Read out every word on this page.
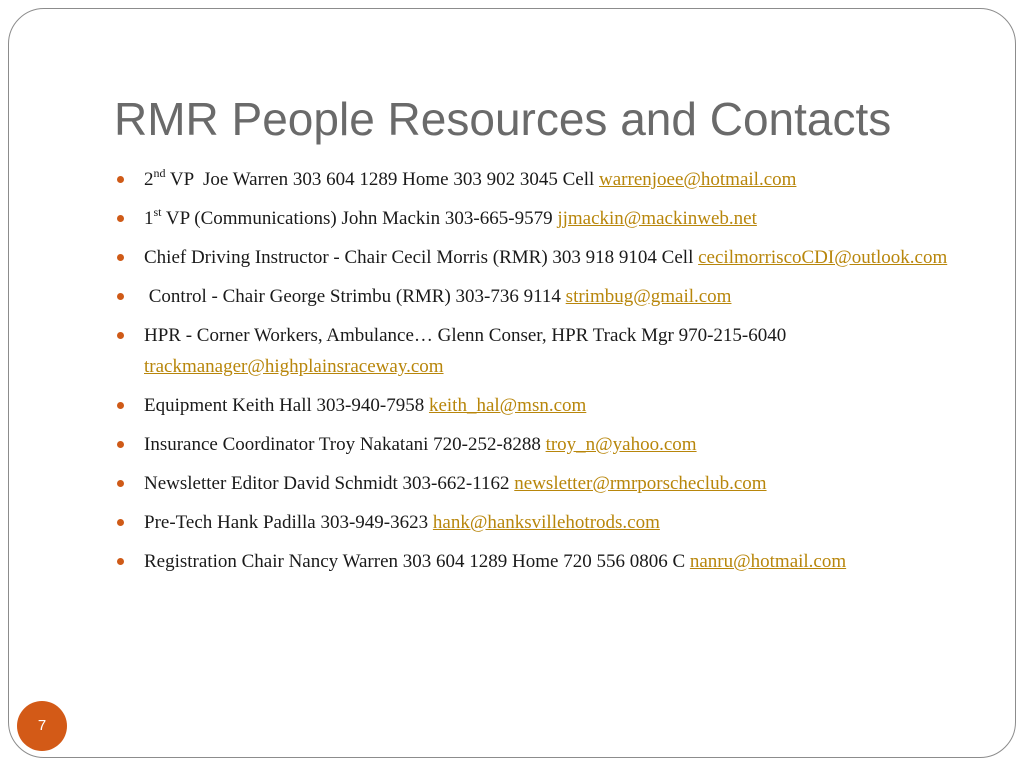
RMR People Resources and Contacts
2nd VP  Joe Warren 303 604 1289 Home 303 902 3045 Cell warrenjoee@hotmail.com
1st VP (Communications) John Mackin 303-665-9579 jjmackin@mackinweb.net
Chief Driving Instructor - Chair Cecil Morris (RMR) 303 918 9104 Cell cecilmorriscoCDI@outlook.com
Control - Chair George Strimbu (RMR) 303-736 9114 strimbug@gmail.com
HPR - Corner Workers, Ambulance… Glenn Conser, HPR Track Mgr 970-215-6040 trackmanager@highplainsraceway.com
Equipment Keith Hall 303-940-7958 keith_hal@msn.com
Insurance Coordinator Troy Nakatani 720-252-8288 troy_n@yahoo.com
Newsletter Editor David Schmidt 303-662-1162 newsletter@rmrporscheclub.com
Pre-Tech Hank Padilla 303-949-3623 hank@hanksvillehotrods.com
Registration Chair Nancy Warren 303 604 1289 Home 720 556 0806 C nanru@hotmail.com
7
